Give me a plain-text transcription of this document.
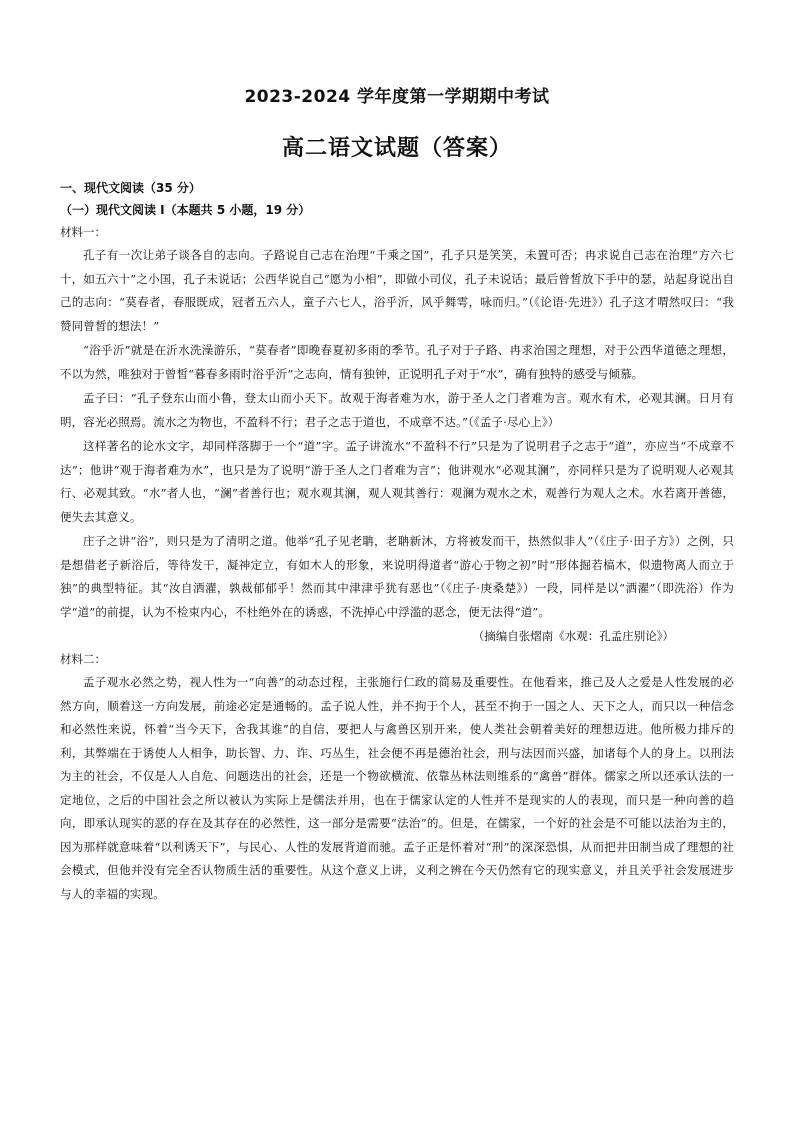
2023-2024 学年度第一学期期中考试
高二语文试题（答案）
一、现代文阅读（35 分）
（一）现代文阅读 I（本题共 5 小题，19 分）
材料一：

孔子有一次让弟子谈各自的志向。子路说自己志在治理“千乘之国”，孔子只是笑笑，未置可否；冉求说自己志在治理“方六七十，如五六十”之小国，孔子未说话；公西华说自己“愿为小相”，即做小司仪，孔子未说话；最后曾皙放下手中的瑟，站起身说出自己的志向：“莫春者，春服既成，冠者五六人，童子六七人，浴乎沂，风乎舞雩，咏而归。”（《论语·先进》）孔子这才喟然叹曰：“我赞同曾皙的想法！”

“浴乎沂”就是在沂水洗澡游乐，“莫春者”即晚春夏初多雨的季节。孔子对于子路、冉求治国之理想，对于公西华道德之理想，不以为然，唯独对于曾皙“暮春多雨时浴乎沂”之志向，情有独钟，正说明孔子对于“水”，确有独特的感受与倾慕。

孟子曰：“孔子登东山而小鲁，登太山而小天下。故观于海者难为水，游于圣人之门者难为言。观水有术，必观其澜。日月有明，容光必照焉。流水之为物也，不盈科不行；君子之志于道也，不成章不达。”（《孟子·尽心上》）

这样著名的论水文字，却同样落脚于一个“道”字。孟子讲流水“不盈科不行”只是为了说明君子之志于“道”，亦应当“不成章不达”；他讲“观于海者难为水”，也只是为了说明“游于圣人之门者难为言”；他讲观水“必观其澜”，亦同样只是为了说明观人必观其行、必观其致。“水”者人也，“澜”者善行也；观水观其澜，观人观其善行：观澜为观水之术，观善行为观人之术。水若离开善德，便失去其意义。

庄子之讲“浴”，则只是为了清明之道。他举“孔子见老聃，老聃新沐，方将被发而干，热然似非人”（《庄子·田子方》）之例，只是想借老子新浴后，等待发干，凝神定立，有如木人的形象，来说明得道者“游心于物之初”时“形体掘若槁木，似遗物离人而立于独”的典型特征。其“汝自洒濯，孰裁郁郁乎！然而其中津津乎犹有恶也”（《庄子·庚桑楚》）一段，同样是以“洒濯”（即洗浴）作为学“道”的前提，认为不检束内心，不杜绝外在的诱惑，不洗掉心中浮滥的恶念，便无法得“道”。

（摘编自张熠南《水观：孔孟庄别论》）
材料二：

孟子观水必然之势，视人性为一“向善”的动态过程，主张施行仁政的简易及重要性。在他看来，推己及人之爱是人性发展的必然方向，顺着这一方向发展，前途必定是通畅的。孟子说人性，并不拘于个人，甚至不拘于一国之人、天下之人，而只以一种信念和必然性来说，怀着“当今天下，舍我其谁”的自信，要把人与禽兽区别开来，使人类社会朝着美好的理想迈进。他所极力排斥的利，其弊端在于诱使人人相争，助长智、力、诈、巧丛生，社会便不再是德治社会，刑与法因而兴盛，加诸每个人的身上。以刑法为主的社会，不仅是人人自危、问题迭出的社会，还是一个物欲横流、依靠丛林法则维系的“禽兽”群体。儒家之所以还承认法的一定地位，之后的中国社会之所以被认为实际上是儒法并用，也在于儒家认定的人性并不是现实的人的表现，而只是一种向善的趋向，即承认现实的恶的存在及其存在的必然性，这一部分是需要“法治”的。但是，在儒家，一个好的社会是不可能以法治为主的，因为那样就意味着“以利诱天下”，与民心、人性的发展背道而驰。孟子正是怀着对“刑”的深深恐惧，从而把井田制当成了理想的社会模式，但他并没有完全否认物质生活的重要性。从这个意义上讲，义利之辨在今天仍然有它的现实意义，并且关乎社会发展进步与人的幸福的实现。
